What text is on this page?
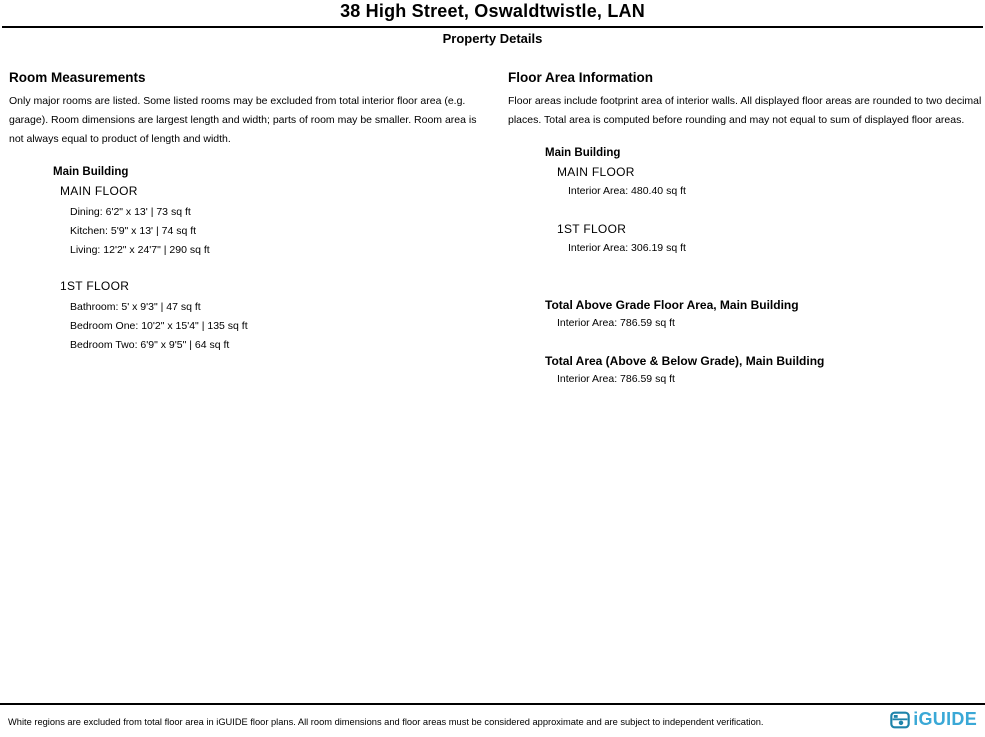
38 High Street, Oswaldtwistle, LAN
Property Details
Room Measurements

Only major rooms are listed. Some listed rooms may be excluded from total interior floor area (e.g. garage). Room dimensions are largest length and width; parts of room may be smaller. Room area is not always equal to product of length and width.

Main Building
MAIN FLOOR
Dining: 6'2" x 13' | 73 sq ft
Kitchen: 5'9" x 13' | 74 sq ft
Living: 12'2" x 24'7" | 290 sq ft
1ST FLOOR
Bathroom: 5' x 9'3" | 47 sq ft
Bedroom One: 10'2" x 15'4" | 135 sq ft
Bedroom Two: 6'9" x 9'5" | 64 sq ft
Floor Area Information

Floor areas include footprint area of interior walls. All displayed floor areas are rounded to two decimal places. Total area is computed before rounding and may not equal to sum of displayed floor areas.

Main Building
MAIN FLOOR
Interior Area: 480.40 sq ft
1ST FLOOR
Interior Area: 306.19 sq ft
Total Above Grade Floor Area, Main Building
Interior Area: 786.59 sq ft
Total Area (Above & Below Grade), Main Building
Interior Area: 786.59 sq ft
White regions are excluded from total floor area in iGUIDE floor plans. All room dimensions and floor areas must be considered approximate and are subject to independent verification.	iGUIDE
